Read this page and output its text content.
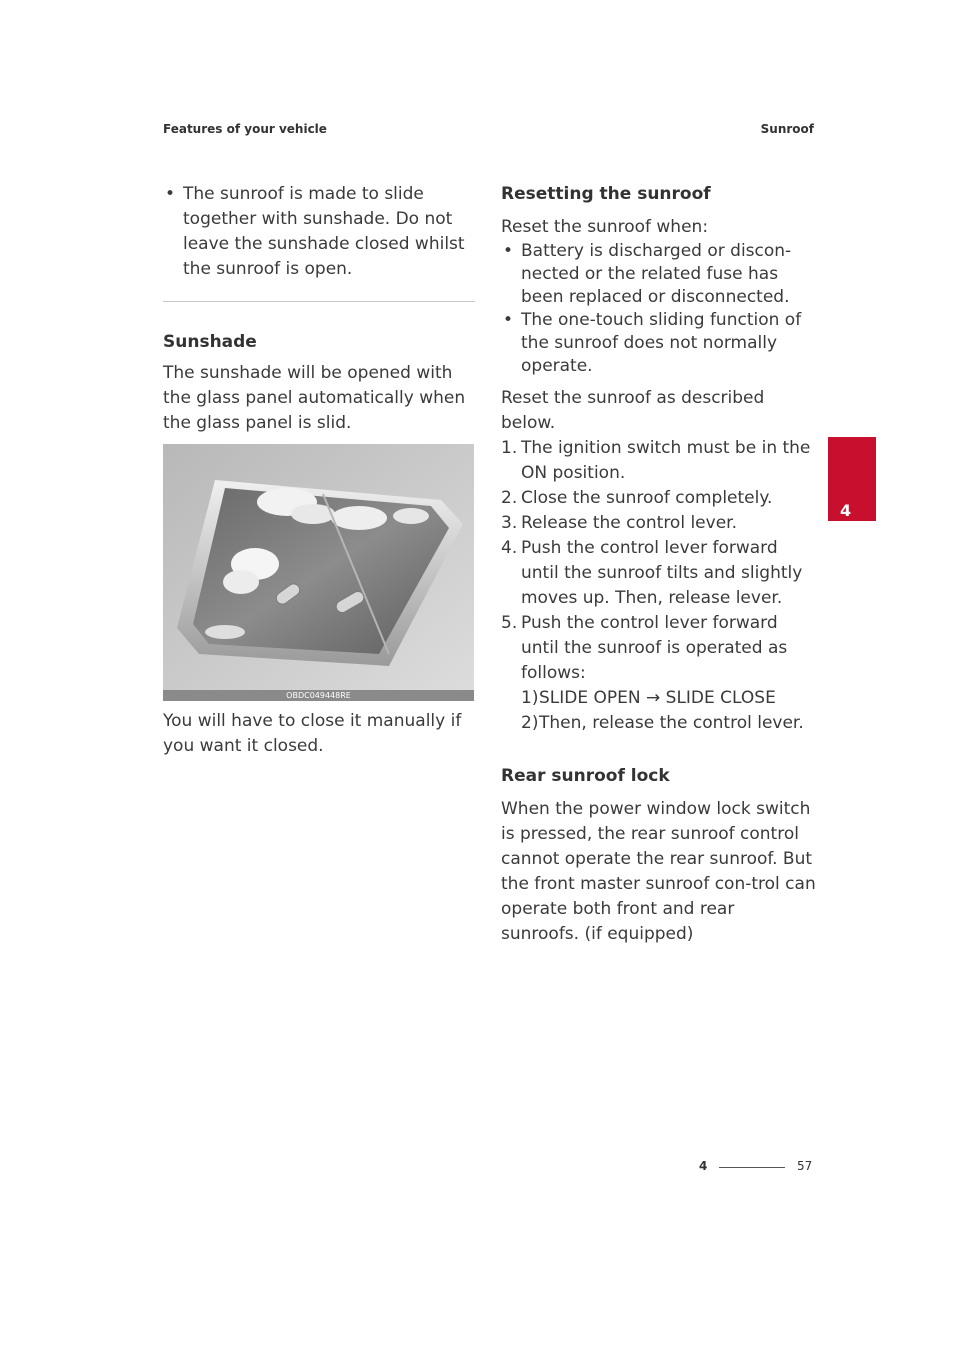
Features of your vehicle	Sunroof
4
• The sunroof is made to slide together with sunshade. Do not leave the sunshade closed whilst the sunroof is open.
Sunshade

The sunshade will be opened with the glass panel automatically when the glass panel is slid.

OBDC049448RE

You will have to close it manually if you want it closed.

Resetting the sunroof

Reset the sunroof when:

• Battery is discharged or discon-nected or the related fuse has been replaced or disconnected.
• The one-touch sliding function of the sunroof does not normally operate.

Reset the sunroof as described below.

1. The ignition switch must be in the ON position.
2. Close the sunroof completely.
3. Release the control lever.
4. Push the control lever forward until the sunroof tilts and slightly moves up. Then, release lever.
5. Push the control lever forward until the sunroof is operated as follows:
1) SLIDE OPEN → SLIDE CLOSE
2) Then, release the control lever.
Rear sunroof lock

When the power window lock switch is pressed, the rear sunroof control cannot operate the rear sunroof. But the front master sunroof con-trol can operate both front and rear sunroofs. (if equipped)

4	57
